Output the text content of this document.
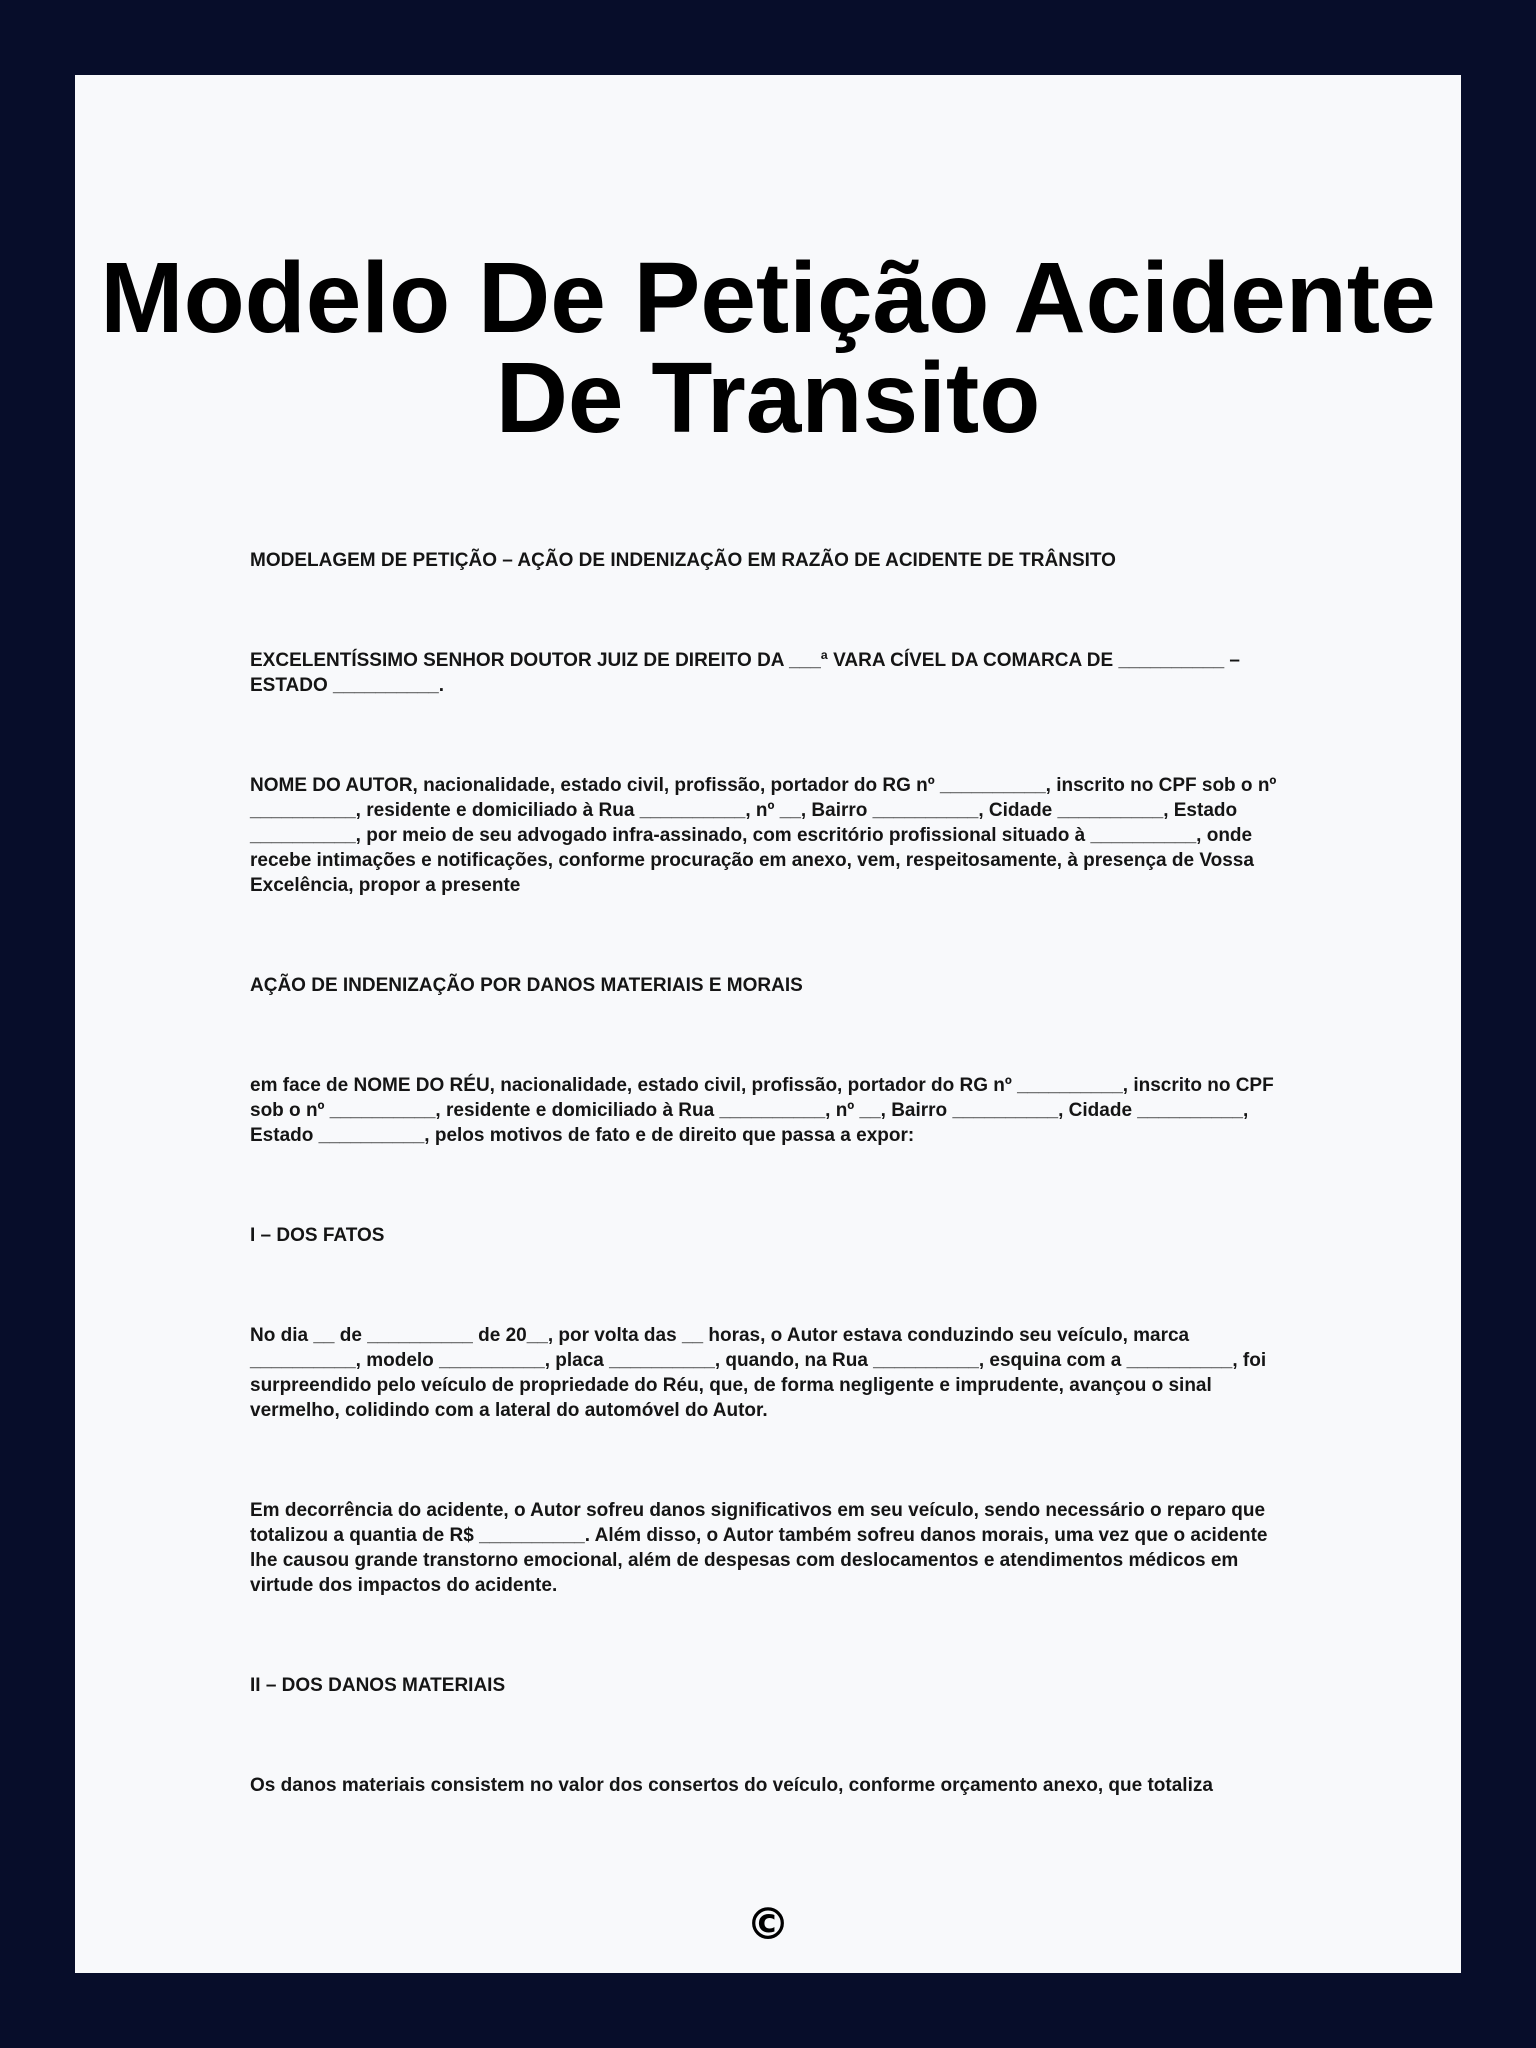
Modelo De Petição Acidente De Transito

MODELAGEM DE PETIÇÃO – AÇÃO DE INDENIZAÇÃO EM RAZÃO DE ACIDENTE DE TRÂNSITO

EXCELENTÍSSIMO SENHOR DOUTOR JUIZ DE DIREITO DA ___ª VARA CÍVEL DA COMARCA DE __________ – ESTADO __________.

NOME DO AUTOR, nacionalidade, estado civil, profissão, portador do RG nº __________, inscrito no CPF sob o nº __________, residente e domiciliado à Rua __________, nº __, Bairro __________, Cidade __________, Estado __________, por meio de seu advogado infra-assinado, com escritório profissional situado à __________, onde recebe intimações e notificações, conforme procuração em anexo, vem, respeitosamente, à presença de Vossa Excelência, propor a presente

AÇÃO DE INDENIZAÇÃO POR DANOS MATERIAIS E MORAIS

em face de NOME DO RÉU, nacionalidade, estado civil, profissão, portador do RG nº __________, inscrito no CPF sob o nº __________, residente e domiciliado à Rua __________, nº __, Bairro __________, Cidade __________, Estado __________, pelos motivos de fato e de direito que passa a expor:

I – DOS FATOS

No dia __ de __________ de 20__, por volta das __ horas, o Autor estava conduzindo seu veículo, marca __________, modelo __________, placa __________, quando, na Rua __________, esquina com a __________, foi surpreendido pelo veículo de propriedade do Réu, que, de forma negligente e imprudente, avançou o sinal vermelho, colidindo com a lateral do automóvel do Autor.

Em decorrência do acidente, o Autor sofreu danos significativos em seu veículo, sendo necessário o reparo que totalizou a quantia de R$ __________. Além disso, o Autor também sofreu danos morais, uma vez que o acidente lhe causou grande transtorno emocional, além de despesas com deslocamentos e atendimentos médicos em virtude dos impactos do acidente.

II – DOS DANOS MATERIAIS

Os danos materiais consistem no valor dos consertos do veículo, conforme orçamento anexo, que totaliza

©
